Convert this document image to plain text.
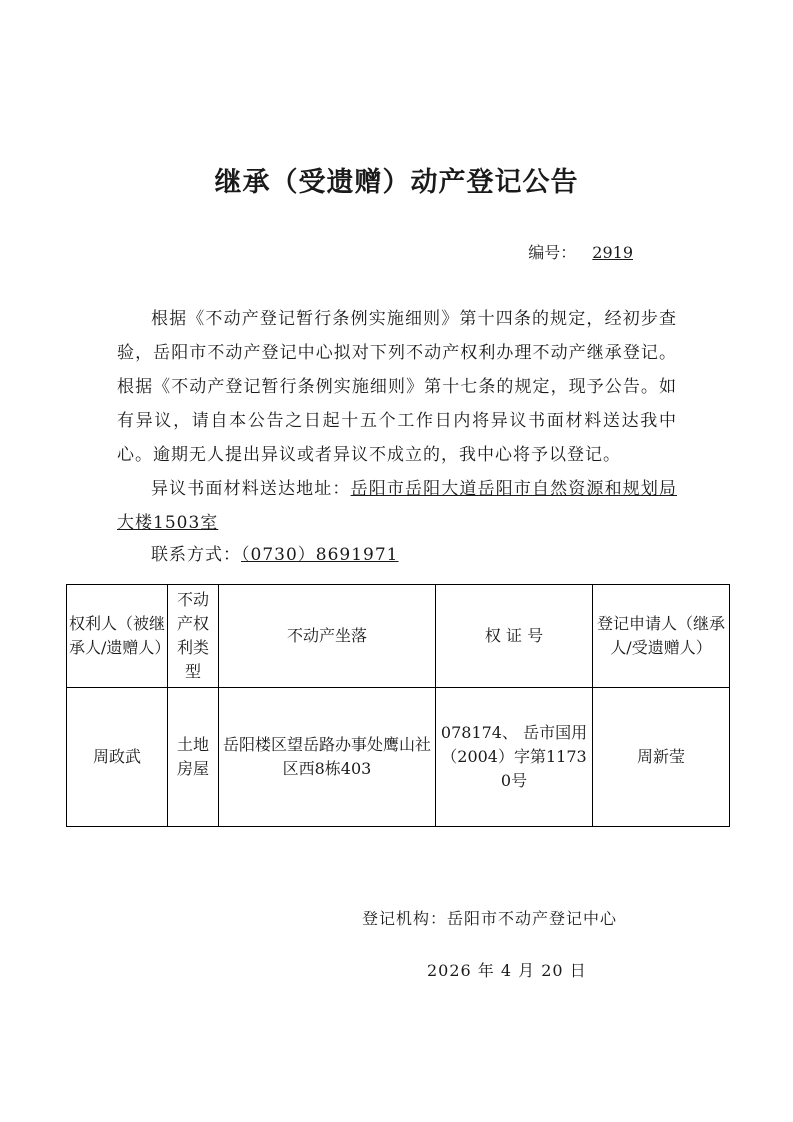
继承（受遗赠）动产登记公告
编号： 2919
根据《不动产登记暂行条例实施细则》第十四条的规定，经初步查验，岳阳市不动产登记中心拟对下列不动产权利办理不动产继承登记。根据《不动产登记暂行条例实施细则》第十七条的规定，现予公告。如有异议，请自本公告之日起十五个工作日内将异议书面材料送达我中心。逾期无人提出异议或者异议不成立的，我中心将予以登记。
异议书面材料送达地址：岳阳市岳阳大道岳阳市自然资源和规划局大楼1503室
联系方式：（0730）8691971
权利人（被继承人/遗赠人）	不动产权利类型	不动产坐落	权 证 号	登记申请人（继承人/受遗赠人）
周政武	土地房屋	岳阳楼区望岳路办事处鹰山社区西8栋403	078174、 岳市国用（2004）字第11730号	周新莹
登记机构：岳阳市不动产登记中心
2026 年 4 月 20 日
